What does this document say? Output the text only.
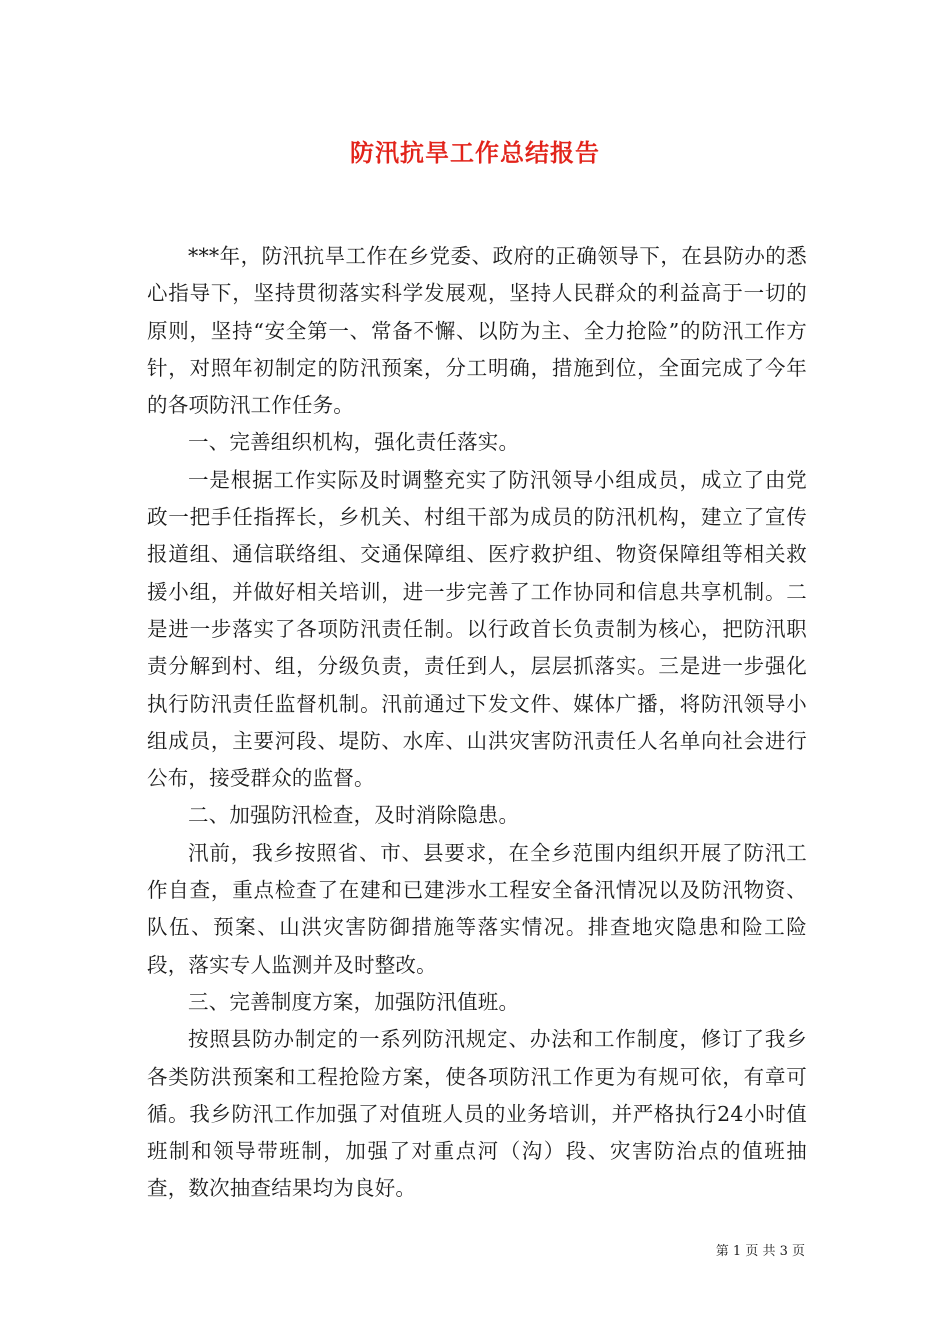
防汛抗旱工作总结报告

***年，防汛抗旱工作在乡党委、政府的正确领导下，在县防办的悉心指导下，坚持贯彻落实科学发展观，坚持人民群众的利益高于一切的原则，坚持“安全第一、常备不懈、以防为主、全力抢险”的防汛工作方针，对照年初制定的防汛预案，分工明确，措施到位，全面完成了今年的各项防汛工作任务。

一、完善组织机构，强化责任落实。

一是根据工作实际及时调整充实了防汛领导小组成员，成立了由党政一把手任指挥长，乡机关、村组干部为成员的防汛机构，建立了宣传报道组、通信联络组、交通保障组、医疗救护组、物资保障组等相关救援小组，并做好相关培训，进一步完善了工作协同和信息共享机制。二是进一步落实了各项防汛责任制。以行政首长负责制为核心，把防汛职责分解到村、组，分级负责，责任到人，层层抓落实。三是进一步强化执行防汛责任监督机制。汛前通过下发文件、媒体广播，将防汛领导小组成员，主要河段、堤防、水库、山洪灾害防汛责任人名单向社会进行公布，接受群众的监督。

二、加强防汛检查，及时消除隐患。

汛前，我乡按照省、市、县要求，在全乡范围内组织开展了防汛工作自查，重点检查了在建和已建涉水工程安全备汛情况以及防汛物资、队伍、预案、山洪灾害防御措施等落实情况。排查地灾隐患和险工险段，落实专人监测并及时整改。

三、完善制度方案，加强防汛值班。

按照县防办制定的一系列防汛规定、办法和工作制度，修订了我乡各类防洪预案和工程抢险方案，使各项防汛工作更为有规可依，有章可循。我乡防汛工作加强了对值班人员的业务培训，并严格执行24小时值班制和领导带班制，加强了对重点河（沟）段、灾害防治点的值班抽查，数次抽查结果均为良好。

第 1 页 共 3 页
